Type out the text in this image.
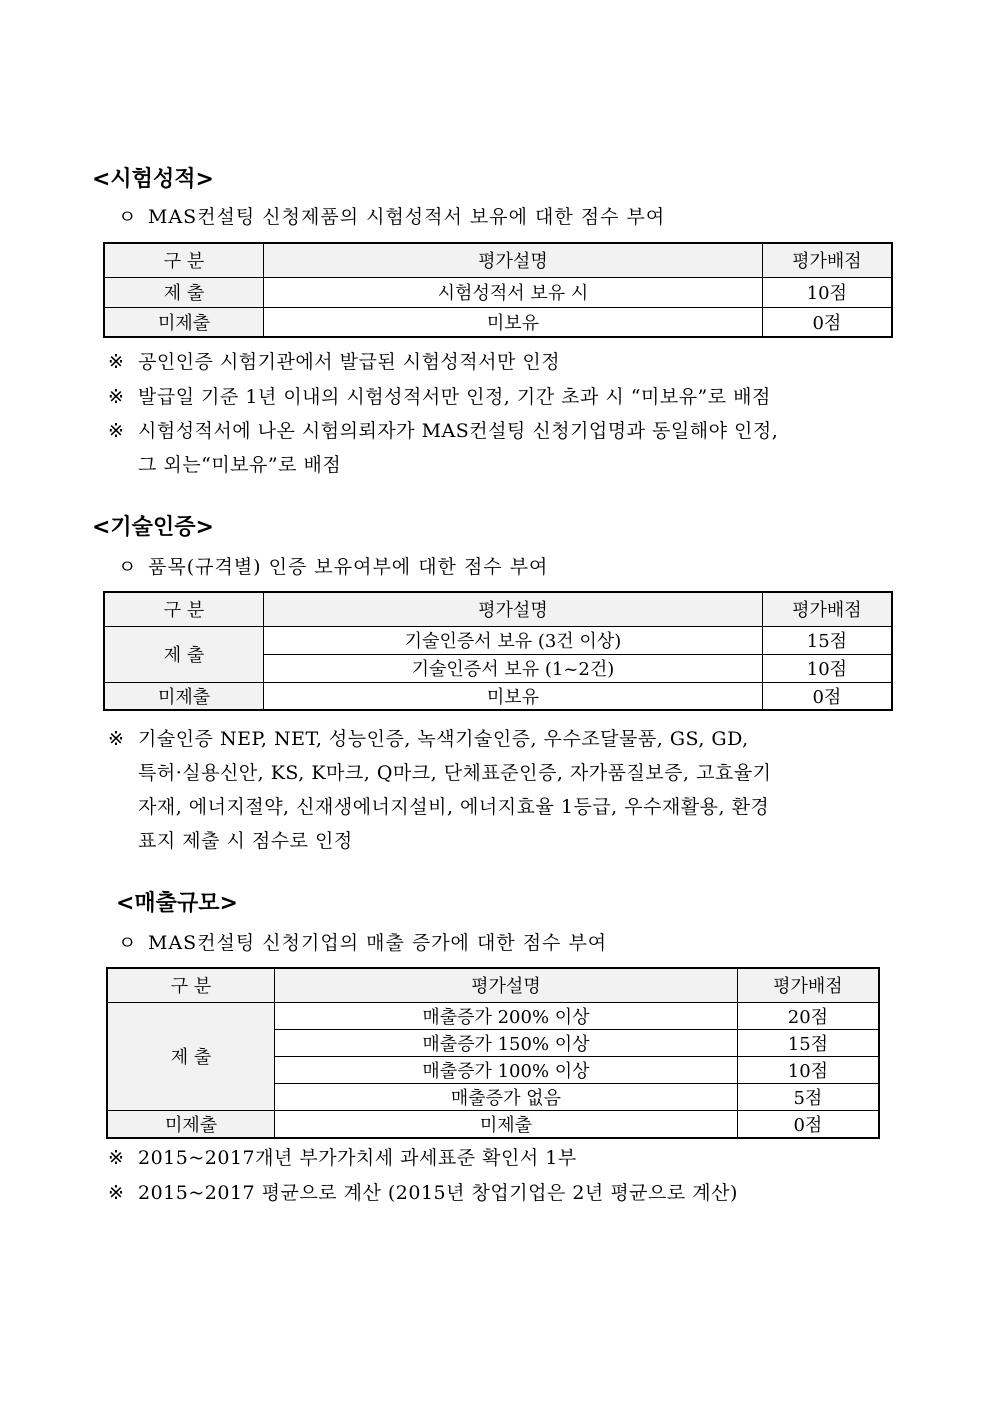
<시험성적>
ㅇ MAS컨설팅 신청제품의 시험성적서 보유에 대한 점수 부여
구 분	평가설명	평가배점
제 출	시험성적서 보유 시	10점
미제출	미보유	0점
※ 공인인증 시험기관에서 발급된 시험성적서만 인정
※ 발급일 기준 1년 이내의 시험성적서만 인정, 기간 초과 시 “미보유”로 배점
※ 시험성적서에 나온 시험의뢰자가 MAS컨설팅 신청기업명과 동일해야 인정,
그 외는“미보유”로 배점
<기술인증>
ㅇ 품목(규격별) 인증 보유여부에 대한 점수 부여
구 분	평가설명	평가배점
제 출	기술인증서 보유 (3건 이상)	15점
	기술인증서 보유 (1~2건)	10점
미제출	미보유	0점
※ 기술인증 NEP, NET, 성능인증, 녹색기술인증, 우수조달물품, GS, GD,
특허·실용신안, KS, K마크, Q마크, 단체표준인증, 자가품질보증, 고효율기
자재, 에너지절약, 신재생에너지설비, 에너지효율 1등급, 우수재활용, 환경
표지 제출 시 점수로 인정
<매출규모>
ㅇ MAS컨설팅 신청기업의 매출 증가에 대한 점수 부여
구 분	평가설명	평가배점
제 출	매출증가 200% 이상	20점
	매출증가 150% 이상	15점
	매출증가 100% 이상	10점
	매출증가 없음	5점
미제출	미제출	0점
※ 2015~2017개년 부가가치세 과세표준 확인서 1부
※ 2015~2017 평균으로 계산 (2015년 창업기업은 2년 평균으로 계산)
